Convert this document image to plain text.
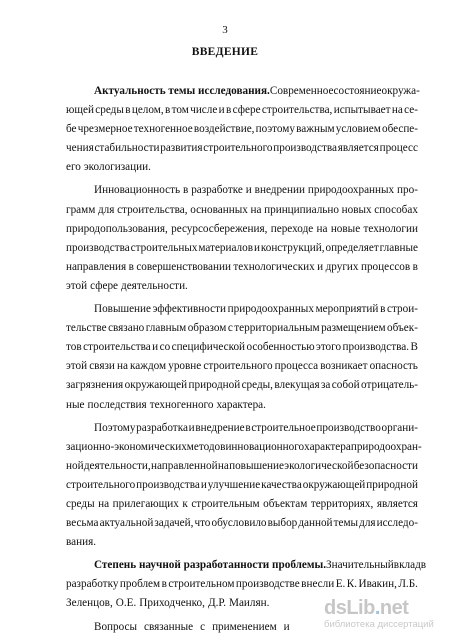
3
ВВЕДЕНИЕ
Актуальность темы исследования. Современное состояние окружа-
ющей среды в целом, в том числе и в сфере строительства, испытывает на се-
бе чрезмерное техногенное воздействие, поэтому важным условием обеспе-
чения стабильности развития строительного производства является процесс
его экологизации.
Инновационность в разработке и внедрении природоохранных про-
грамм для строительства, основанных на принципиально новых способах
природопользования, ресурсосбережения, переходе на новые технологии
производства строительных материалов и конструкций, определяет главные
направления в совершенствовании технологических и других процессов в
этой сфере деятельности.
Повышение эффективности природоохранных мероприятий в строи-
тельстве связано главным образом с территориальным размещением объек-
тов строительства и со специфической особенностью этого производства. В
этой связи на каждом уровне строительного процесса возникает опасность
загрязнения окружающей природной среды, влекущая за собой отрицатель-
ные последствия техногенного характера.
Поэтому разработка и внедрение в строительное производство органи-
зационно-экономических методов инновационного характера природоохран-
ной деятельности, направленной на повышение экологической безопасности
строительного производства и улучшение качества окружающей природной
среды на прилегающих к строительным объектам территориях, является
весьма актуальной задачей, что обусловило выбор данной темы для исследо-
вания.
Степень научной разработанности проблемы. Значительный вклад в
разработку проблем в строительном производстве внесли Е. К. Ивакин, Л.Б.
Зеленцов, О.Е. Приходченко, Д.Р. Маилян.
Вопросы связанные с применением и
dsLib.net
библиотека диссертаций
